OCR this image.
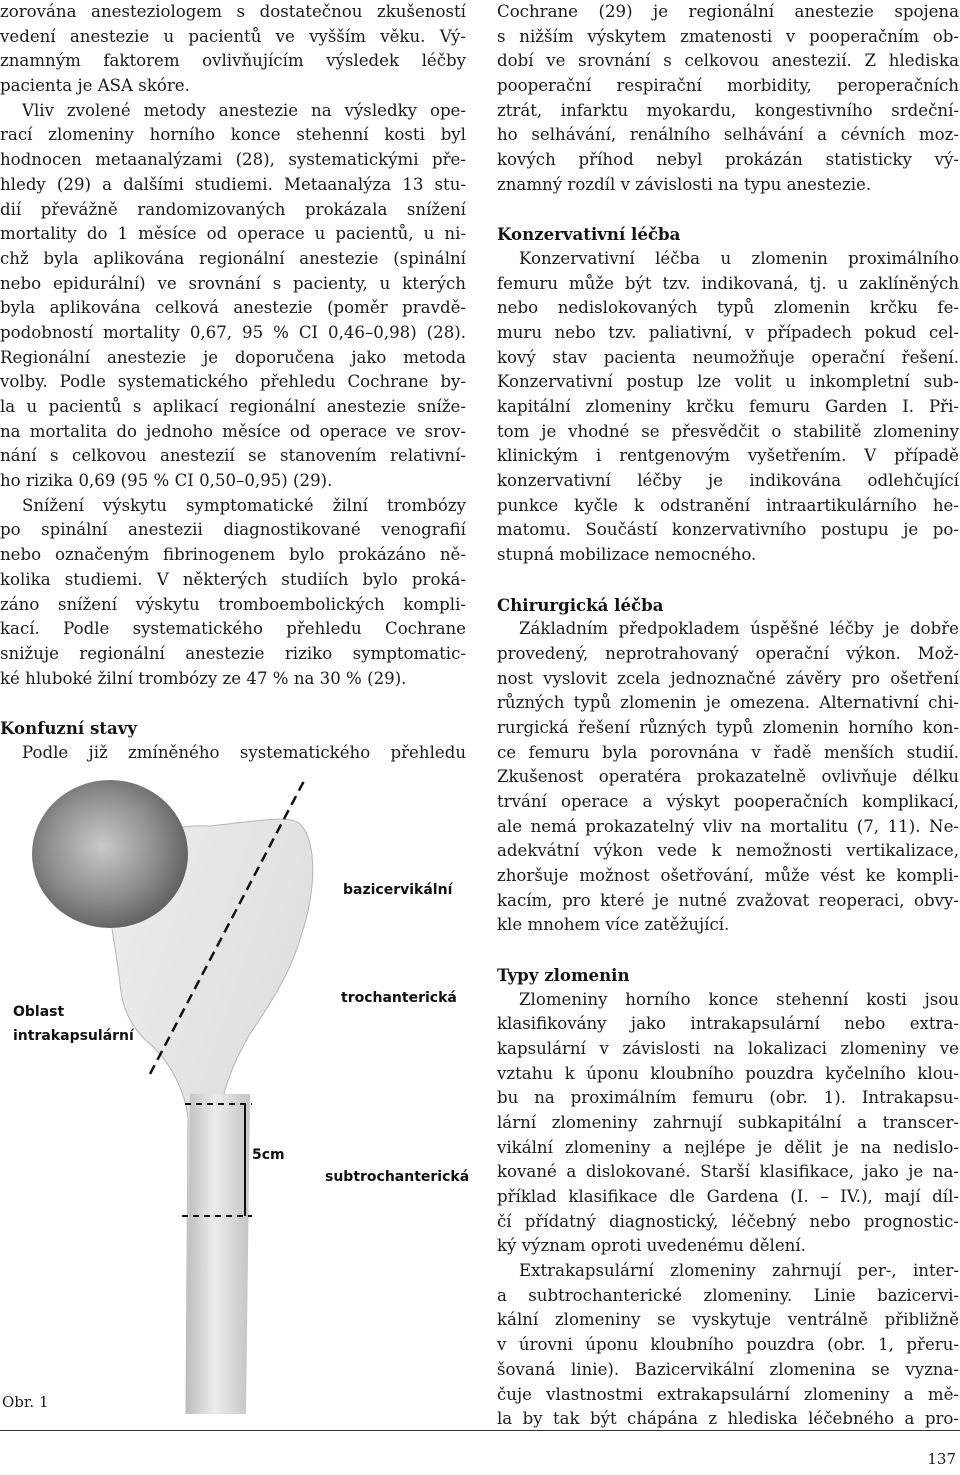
zorována anesteziologem s dostatečnou zkušeností
vedení anestezie u pacientů ve vyšším věku. Vý-
znamným faktorem ovlivňujícím výsledek léčby
pacienta je ASA skóre.
Vliv zvolené metody anestezie na výsledky ope-
rací zlomeniny horního konce stehenní kosti byl
hodnocen metaanalýzami (28), systematickými pře-
hledy (29) a dalšími studiemi. Metaanalýza 13 stu-
dií převážně randomizovaných prokázala snížení
mortality do 1 měsíce od operace u pacientů, u ni-
chž byla aplikována regionální anestezie (spinální
nebo epidurální) ve srovnání s pacienty, u kterých
byla aplikována celková anestezie (poměr pravdě-
podobností mortality 0,67, 95 % CI 0,46–0,98) (28).
Regionální anestezie je doporučena jako metoda
volby. Podle systematického přehledu Cochrane by-
la u pacientů s aplikací regionální anestezie sníže-
na mortalita do jednoho měsíce od operace ve srov-
nání s celkovou anestezií se stanovením relativní-
ho rizika 0,69 (95 % CI 0,50–0,95) (29).
Snížení výskytu symptomatické žilní trombózy
po spinální anestezii diagnostikované venografií
nebo označeným fibrinogenem bylo prokázáno ně-
kolika studiemi. V některých studiích bylo proká-
záno snížení výskytu tromboembolických kompli-
kací. Podle systematického přehledu Cochrane
snižuje regionální anestezie riziko symptomatic-
ké hluboké žilní trombózy ze 47 % na 30 % (29).
Konfuzní stavy
Podle již zmíněného systematického přehledu
bazicervikální
trochanterická
Oblast
intrakapsulární
5cm
subtrochanterická
Obr. 1
Cochrane (29) je regionální anestezie spojena
s nižším výskytem zmatenosti v pooperačním ob-
dobí ve srovnání s celkovou anestezií. Z hlediska
pooperační respirační morbidity, peroperačních
ztrát, infarktu myokardu, kongestivního srdeční-
ho selhávání, renálního selhávání a cévních moz-
kových příhod nebyl prokázán statisticky vý-
znamný rozdíl v závislosti na typu anestezie.
Konzervativní léčba
Konzervativní léčba u zlomenin proximálního
femuru může být tzv. indikovaná, tj. u zaklíněných
nebo nedislokovaných typů zlomenin krčku fe-
muru nebo tzv. paliativní, v případech pokud cel-
kový stav pacienta neumožňuje operační řešení.
Konzervativní postup lze volit u inkompletní sub-
kapitální zlomeniny krčku femuru Garden I. Při-
tom je vhodné se přesvědčit o stabilitě zlomeniny
klinickým i rentgenovým vyšetřením. V případě
konzervativní léčby je indikována odlehčující
punkce kyčle k odstranění intraartikulárního he-
matomu. Součástí konzervativního postupu je po-
stupná mobilizace nemocného.
Chirurgická léčba
Základním předpokladem úspěšné léčby je dobře
provedený, neprotrahovaný operační výkon. Mož-
nost vyslovit zcela jednoznačné závěry pro ošetření
různých typů zlomenin je omezena. Alternativní chi-
rurgická řešení různých typů zlomenin horního kon-
ce femuru byla porovnána v řadě menších studií.
Zkušenost operatéra prokazatelně ovlivňuje délku
trvání operace a výskyt pooperačních komplikací,
ale nemá prokazatelný vliv na mortalitu (7, 11). Ne-
adekvátní výkon vede k nemožnosti vertikalizace,
zhoršuje možnost ošetřování, může vést ke kompli-
kacím, pro které je nutné zvažovat reoperaci, obvy-
kle mnohem více zatěžující.
Typy zlomenin
Zlomeniny horního konce stehenní kosti jsou
klasifikovány jako intrakapsulární nebo extra-
kapsulární v závislosti na lokalizaci zlomeniny ve
vztahu k úponu kloubního pouzdra kyčelního klou-
bu na proximálním femuru (obr. 1). Intrakapsu-
lární zlomeniny zahrnují subkapitální a transcer-
vikální zlomeniny a nejlépe je dělit je na nedislo-
kované a dislokované. Starší klasifikace, jako je na-
příklad klasifikace dle Gardena (I. – IV.), mají díl-
čí přídatný diagnostický, léčebný nebo prognostic-
ký význam oproti uvedenému dělení.
Extrakapsulární zlomeniny zahrnují per-, inter-
a subtrochanterické zlomeniny. Linie bazicervi-
kální zlomeniny se vyskytuje ventrálně přibližně
v úrovni úponu kloubního pouzdra (obr. 1, přeru-
šovaná linie). Bazicervikální zlomenina se vyzna-
čuje vlastnostmi extrakapsulární zlomeniny a mě-
la by tak být chápána z hlediska léčebného a pro-
137
